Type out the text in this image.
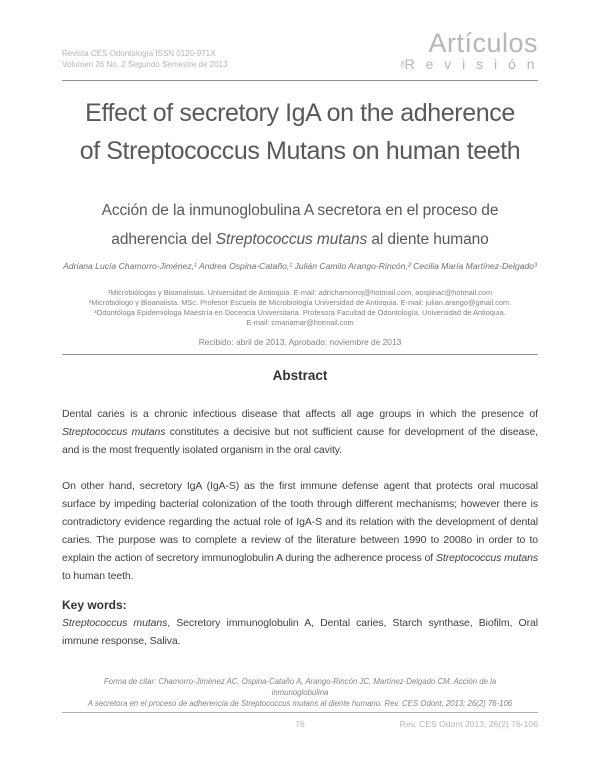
Revista CES Odontología ISSN 0120-971X
Volumen 26 No. 2 Segundo Semestre de 2013
Artículos
deR e v i s i ó n
Effect of secretory IgA on the adherence
of Streptococcus Mutans on human teeth
Acción de la inmunoglobulina A secretora en el proceso de
adherencia del Streptococcus mutans al diente humano
Adriana Lucía Chamorro-Jiménez,¹ Andrea Ospina-Cataño,¹ Julián Camilo Arango-Rincón,² Cecilia María Martínez-Delgado³
¹Microbiólogas y Bioanalistas. Universidad de Antioquia. E-mail: adrichamorroj@hotmail.com, aospinac@hotmail.com
²Microbiólogo y Bioanalista. MSc. Profesor Escuela de Microbiología Universidad de Antioquia. E-mail: julian.arango@gmail.com.
³Odontóloga Epidemióloga Maestría en Docencia Universitaria. Profesora Facultad de Odontología. Universidad de Antioquia.
E-mail: cmariamar@hotmail.com
Recibido: abril de 2013. Aprobado: noviembre de 2013
Abstract
Dental caries is a chronic infectious disease that affects all age groups in which the presence of Streptococcus mutans constitutes a decisive but not sufficient cause for development of the disease, and is the most frequently isolated organism in the oral cavity.
On other hand, secretory IgA (IgA-S) as the first immune defense agent that protects oral mucosal surface by impeding bacterial colonization of the tooth through different mechanisms; however there is contradictory evidence regarding the actual role of IgA-S and its relation with the development of dental caries. The purpose was to complete a review of the literature between 1990 to 2008o in order to to explain the action of secretory immunoglobulin A during the adherence process of Streptococcus mutans to human teeth.
Key words:
Streptococcus mutans, Secretory immunoglobulin A, Dental caries, Starch synthase, Biofilm, Oral immune response, Saliva.
Forma de citar: Chamorro-Jiménez AC, Ospina-Cataño A, Arango-Rincón JC, Martínez-Delgado CM. Acción de la inmunoglobulina
A secretora en el proceso de adherencia de Streptococcus mutans al diente humano. Rev. CES Odont, 2013; 26(2) 76-106
76	Rev. CES Odont 2013; 26(2) 76-106
